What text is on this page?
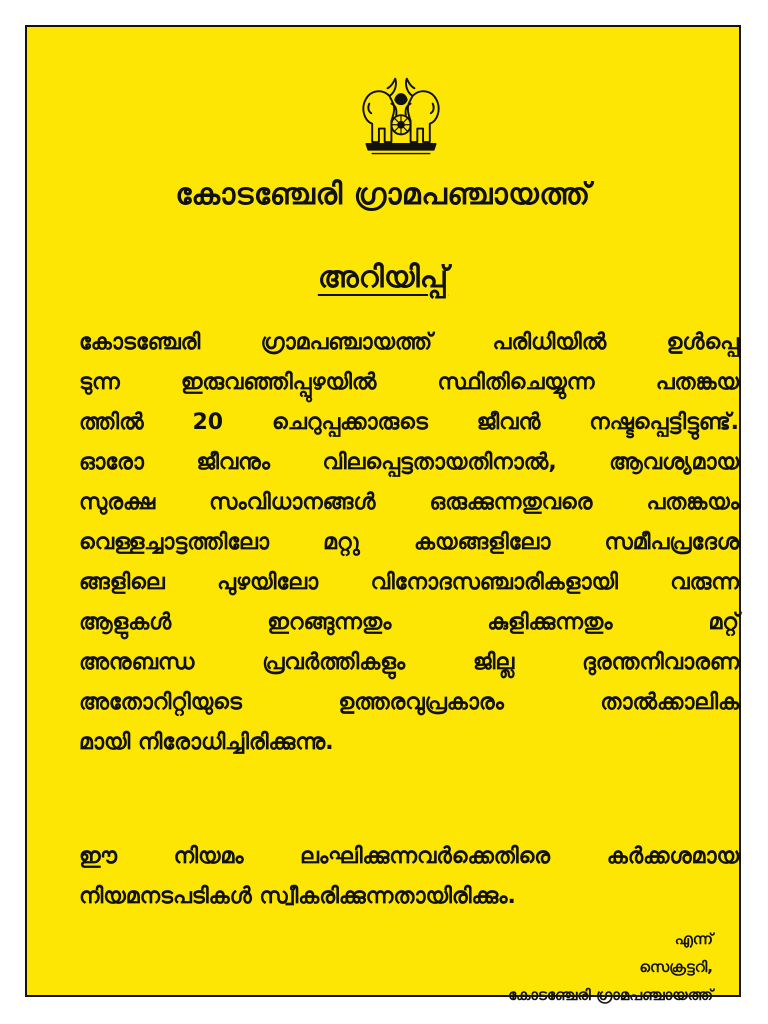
കോടഞ്ചേരി ഗ്രാമപഞ്ചായത്ത്
അറിയിപ്പ്
കോടഞ്ചേരി ഗ്രാമപഞ്ചായത്ത് പരിധിയിൽ ഉൾപ്പെ
ടുന്ന ഇരുവഞ്ഞിപ്പുഴയിൽ സ്ഥിതിചെയ്യുന്ന പതങ്കയ
ത്തിൽ 20 ചെറുപ്പക്കാരുടെ ജീവൻ നഷ്ടപ്പെട്ടിട്ടുണ്ട്.
ഓരോ ജീവനും വിലപ്പെട്ടതായതിനാൽ, ആവശ്യമായ
സുരക്ഷ സംവിധാനങ്ങൾ ഒരുക്കുന്നതുവരെ പതങ്കയം
വെള്ളച്ചാട്ടത്തിലോ മറ്റു കയങ്ങളിലോ സമീപപ്രദേശ
ങ്ങളിലെ പുഴയിലോ വിനോദസഞ്ചാരികളായി വരുന്ന
ആളുകൾ ഇറങ്ങുന്നതും കുളിക്കുന്നതും മറ്റ്
അനുബന്ധ പ്രവർത്തികളും ജില്ല ദുരന്തനിവാരണ
അതോറിറ്റിയുടെ ഉത്തരവുപ്രകാരം താൽക്കാലിക
മായി നിരോധിച്ചിരിക്കുന്നു.
ഈ നിയമം ലംഘിക്കുന്നവർക്കെതിരെ കർക്കശമായ
നിയമനടപടികൾ സ്വീകരിക്കുന്നതായിരിക്കും.
എന്ന്
സെക്രട്ടറി,
കോടഞ്ചേരി ഗ്രാമപഞ്ചായത്ത്
